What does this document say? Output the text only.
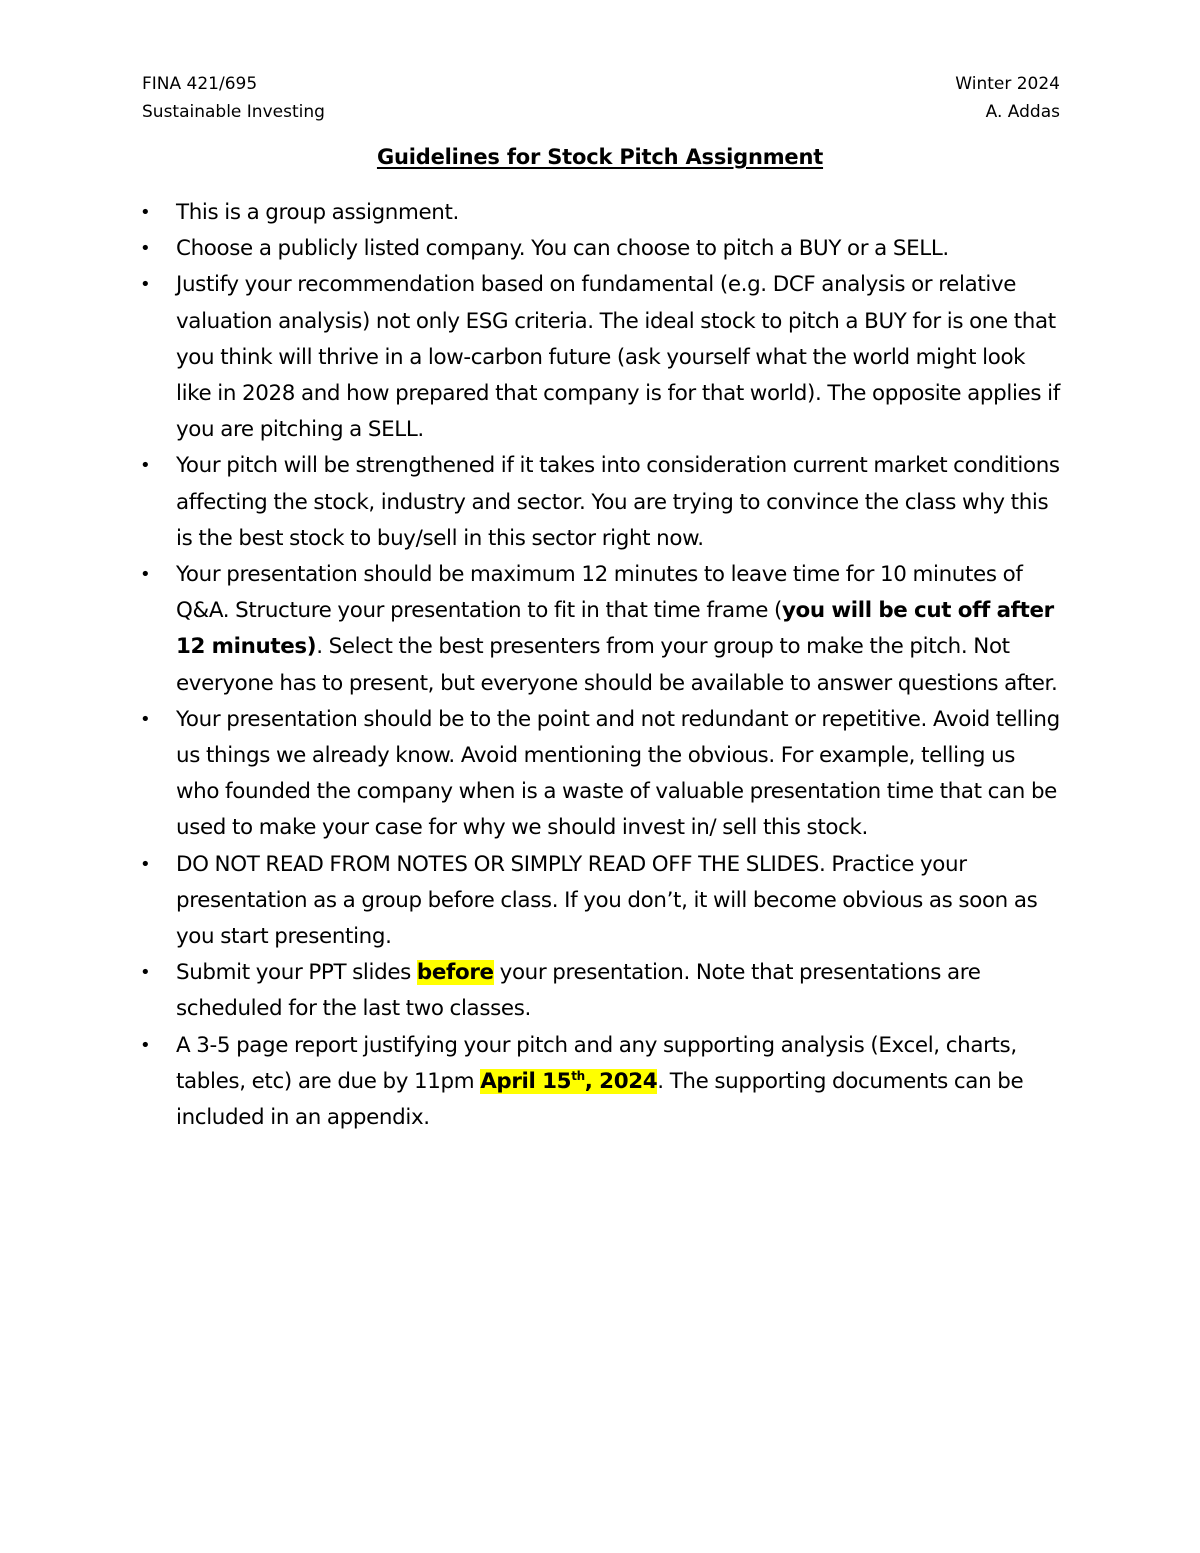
FINA 421/695	Winter 2024
Sustainable Investing	A. Addas
Guidelines for Stock Pitch Assignment
• This is a group assignment.
• Choose a publicly listed company. You can choose to pitch a BUY or a SELL.
• Justify your recommendation based on fundamental (e.g. DCF analysis or relative valuation analysis) not only ESG criteria. The ideal stock to pitch a BUY for is one that you think will thrive in a low-carbon future (ask yourself what the world might look like in 2028 and how prepared that company is for that world). The opposite applies if you are pitching a SELL.
• Your pitch will be strengthened if it takes into consideration current market conditions affecting the stock, industry and sector. You are trying to convince the class why this is the best stock to buy/sell in this sector right now.
• Your presentation should be maximum 12 minutes to leave time for 10 minutes of Q&A. Structure your presentation to fit in that time frame (you will be cut off after 12 minutes). Select the best presenters from your group to make the pitch. Not everyone has to present, but everyone should be available to answer questions after.
• Your presentation should be to the point and not redundant or repetitive. Avoid telling us things we already know. Avoid mentioning the obvious. For example, telling us who founded the company when is a waste of valuable presentation time that can be used to make your case for why we should invest in/ sell this stock.
• DO NOT READ FROM NOTES OR SIMPLY READ OFF THE SLIDES. Practice your presentation as a group before class. If you don’t, it will become obvious as soon as you start presenting.
• Submit your PPT slides before your presentation. Note that presentations are scheduled for the last two classes.
• A 3-5 page report justifying your pitch and any supporting analysis (Excel, charts, tables, etc) are due by 11pm April 15th, 2024. The supporting documents can be included in an appendix.
